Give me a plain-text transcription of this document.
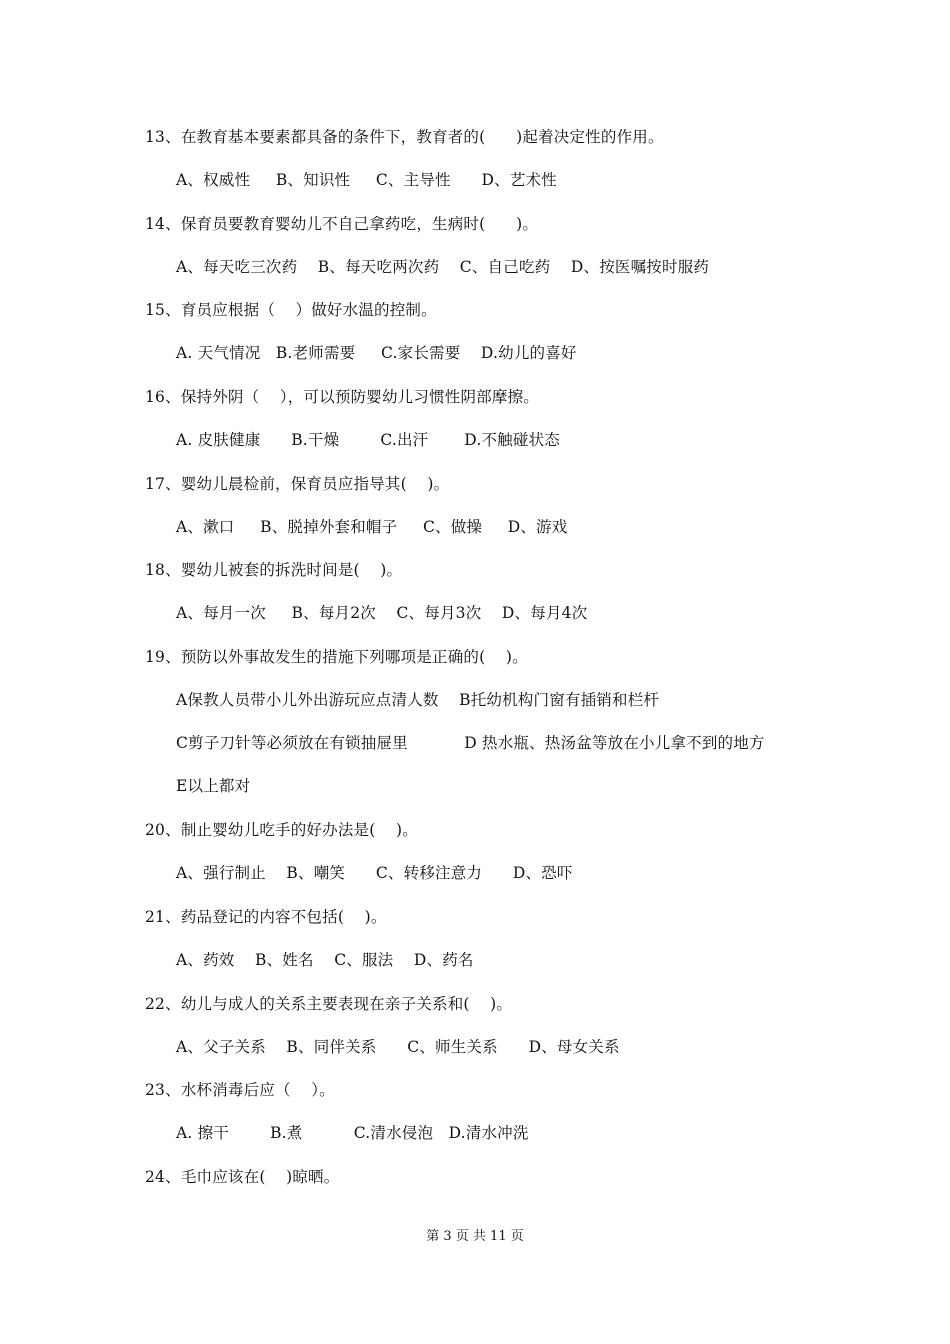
13、在教育基本要素都具备的条件下，教育者的(      )起着决定性的作用。
A、权威性     B、知识性     C、主导性      D、艺术性
14、保育员要教育婴幼儿不自己拿药吃，生病时(      )。
A、每天吃三次药    B、每天吃两次药    C、自己吃药    D、按医嘱按时服药
15、育员应根据（    ）做好水温的控制。
A. 天气情况   B.老师需要     C.家长需要    D.幼儿的喜好
16、保持外阴（    ），可以预防婴幼儿习惯性阴部摩擦。
A. 皮肤健康      B.干燥        C.出汗       D.不触碰状态
17、婴幼儿晨检前，保育员应指导其(    )。
A、漱口     B、脱掉外套和帽子     C、做操     D、游戏
18、婴幼儿被套的拆洗时间是(    )。
A、每月一次     B、每月2次    C、每月3次    D、每月4次
19、预防以外事故发生的措施下列哪项是正确的(    )。
A保教人员带小儿外出游玩应点清人数    B托幼机构门窗有插销和栏杆
C剪子刀针等必须放在有锁抽屉里           D 热水瓶、热汤盆等放在小儿拿不到的地方
E以上都对
20、制止婴幼儿吃手的好办法是(    )。
A、强行制止    B、嘲笑      C、转移注意力      D、恐吓
21、药品登记的内容不包括(    )。
A、药效    B、姓名    C、服法    D、药名
22、幼儿与成人的关系主要表现在亲子关系和(    )。
A、父子关系    B、同伴关系      C、师生关系      D、母女关系
23、水杯消毒后应（    ）。
A. 擦干        B.煮          C.清水侵泡   D.清水冲洗
24、毛巾应该在(    )晾晒。
第 3 页 共 11 页
